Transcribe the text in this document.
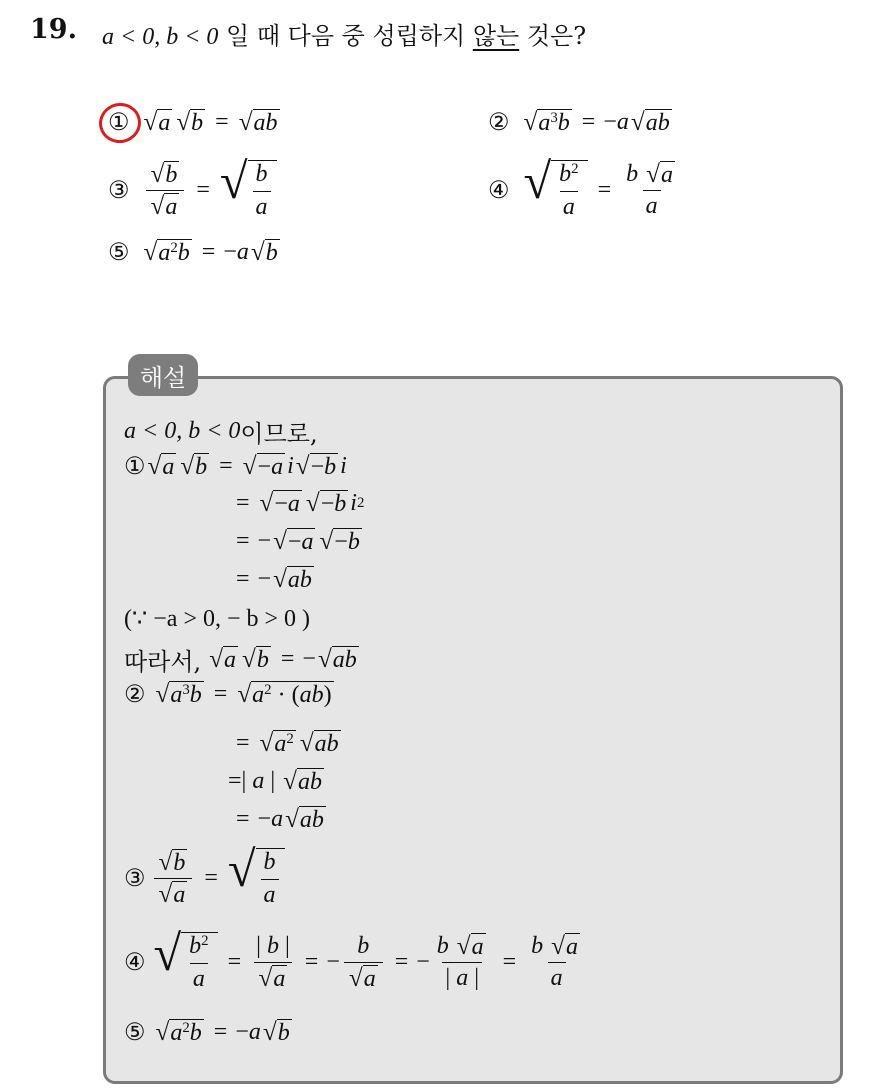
19. a < 0, b < 0 일 때 다음 중 성립하지 않는 것은?
① √ a √ b = √ ab	② √ $a^3b = -a$ √ ab
③ $\frac{√ b}{√ a}$ = √ $\frac{b}{a}$	④ √ $\frac{b^2}{a} = \frac{b √ a}{a}$
⑤ √ $a^2b = -a$ √ b
해설
a < 0, b < 0 이므로,
① √ a √ b = √ −a i √ −b i
= √ −a √ −b i 2
= − √ −a √ −b
= − √ ab
(∵ −a > 0, − b > 0 )
따라서, √ a √ b = − √ ab
② √ $a^3b$ = √ $a^2 \cdot (ab)$
= √ $a^2$ √ ab
=| a | √ ab
= −a √ ab
③ $\frac{√ b}{√ a}$ = √ $\frac{b}{a}$
④ √ $\frac{b^2}{a} = \frac{| b |}{√ a}$ = − $\frac{b}{√ a}$ = − $\frac{b √ a}{| a |} = \frac{b √ a}{a}$
⑤ √ $a^2b = -a$ √ b
